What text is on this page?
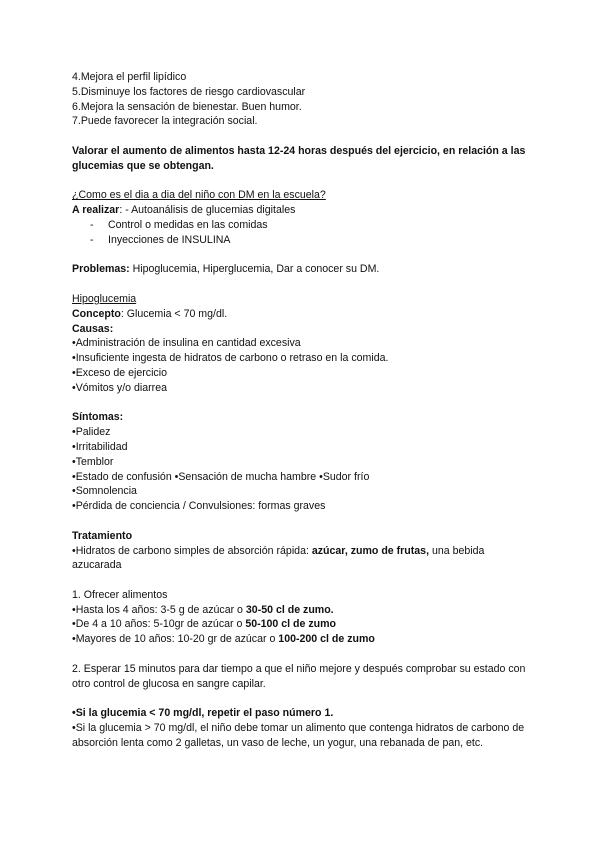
4.Mejora el perfil lipídico
5.Disminuye los factores de riesgo cardiovascular
6.Mejora la sensación de bienestar. Buen humor.
7.Puede favorecer la integración social.
Valorar el aumento de alimentos hasta 12-24 horas después del ejercicio, en relación a las glucemias que se obtengan.
¿Como es el dia a dia del niño con DM en la escuela?
A realizar: - Autoanálisis de glucemias digitales
-	Control o medidas en las comidas
-	Inyecciones de INSULINA
Problemas: Hipoglucemia, Hiperglucemia, Dar a conocer su DM.
Hipoglucemia
Concepto: Glucemia < 70 mg/dl.
Causas:
•Administración de insulina en cantidad excesiva
•Insuficiente ingesta de hidratos de carbono o retraso en la comida.
•Exceso de ejercicio
•Vómitos y/o diarrea
Síntomas:
•Palidez
•Irritabilidad
•Temblor
•Estado de confusión •Sensación de mucha hambre •Sudor frío
•Somnolencia
•Pérdida de conciencia / Convulsiones: formas graves
Tratamiento
•Hidratos de carbono simples de absorción rápida: azúcar, zumo de frutas, una bebida azucarada
1. Ofrecer alimentos
•Hasta los 4 años: 3-5 g de azúcar o 30-50 cl de zumo.
•De 4 a 10 años: 5-10gr de azúcar o 50-100 cl de zumo
•Mayores de 10 años: 10-20 gr de azúcar o 100-200 cl de zumo
2. Esperar 15 minutos para dar tiempo a que el niño mejore y después comprobar su estado con otro control de glucosa en sangre capilar.
•Si la glucemia < 70 mg/dl, repetir el paso número 1.
•Si la glucemia > 70 mg/dl, el niño debe tomar un alimento que contenga hidratos de carbono de absorción lenta como 2 galletas, un vaso de leche, un yogur, una rebanada de pan, etc.
